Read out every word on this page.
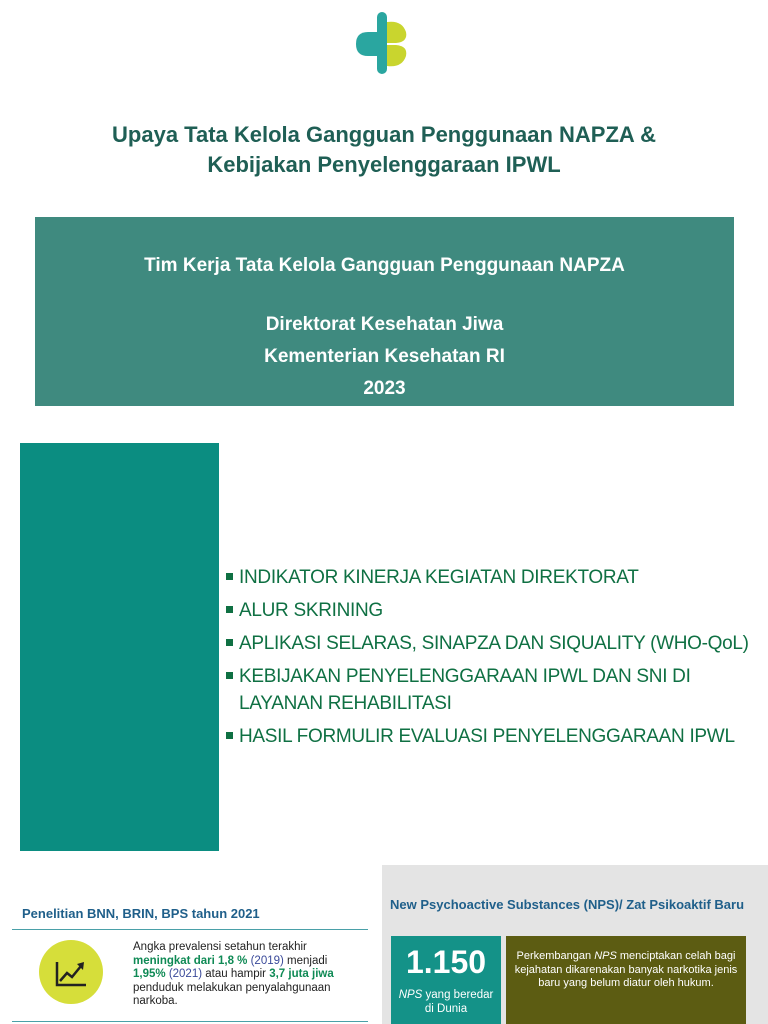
Upaya Tata Kelola Gangguan Penggunaan NAPZA &
Kebijakan Penyelenggaraan IPWL
Tim Kerja Tata Kelola Gangguan Penggunaan NAPZA
Direktorat Kesehatan Jiwa
Kementerian Kesehatan RI
2023
INDIKATOR KINERJA KEGIATAN DIREKTORAT
ALUR SKRINING
APLIKASI SELARAS, SINAPZA DAN SIQUALITY (WHO-QoL)
KEBIJAKAN PENYELENGGARAAN IPWL DAN SNI DI LAYANAN REHABILITASI
HASIL FORMULIR EVALUASI PENYELENGGARAAN IPWL
Penelitian BNN, BRIN, BPS tahun 2021
Angka prevalensi setahun terakhir
meningkat dari 1,8 % (2019) menjadi
1,95% (2021) atau hampir 3,7 juta jiwa
penduduk melakukan penyalahgunaan narkoba.
New Psychoactive Substances (NPS)/ Zat Psikoaktif Baru
1.150
NPS yang beredar
di Dunia
Perkembangan NPS menciptakan celah bagi kejahatan dikarenakan banyak narkotika jenis baru yang belum diatur oleh hukum.
